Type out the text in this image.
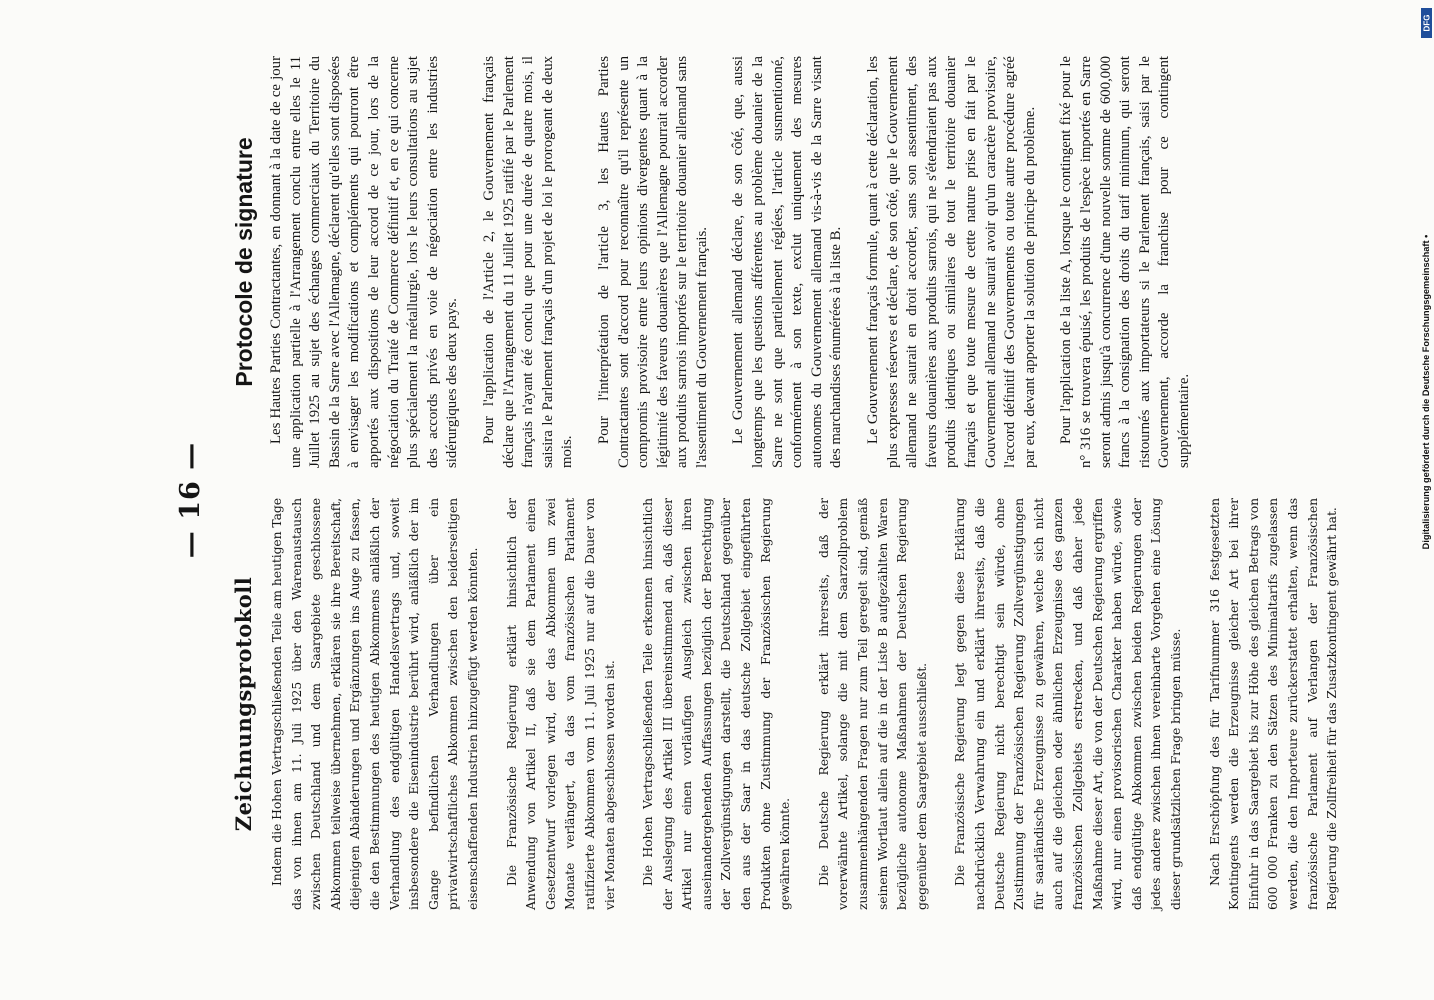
— 16 —
Zeichnungsprotokoll Indem die Hohen Vertragschließenden Teile am heutigen Tage das von ihnen am 11. Juli 1925 über den Warenaustausch zwischen Deutschland und dem Saargebiete geschlossene Abkommen teilweise übernehmen, erklären sie ihre Bereitschaft, diejenigen Abänderungen und Ergänzungen ins Auge zu fassen, die den Bestimmungen des heutigen Abkommens anläßlich der Verhandlung des endgültigen Handelsvertrags und, soweit insbesondere die Eisenindustrie berührt wird, anläßlich der im Gange befindlichen Verhandlungen über ein privatwirtschaftliches Abkommen zwischen den beiderseitigen eisenschaffenden Industrien hinzugefügt werden könnten. Die Französische Regierung erklärt hinsichtlich der Anwendung von Artikel II, daß sie dem Parlament einen Gesetzentwurf vorlegen wird, der das Abkommen um zwei Monate verlängert, da das vom französischen Parlament ratifizierte Abkommen vom 11. Juli 1925 nur auf die Dauer von vier Monaten abgeschlossen worden ist. Die Hohen Vertragschließenden Teile erkennen hinsichtlich der Auslegung des Artikel III übereinstimmend an, daß dieser Artikel nur einen vorläufigen Ausgleich zwischen ihren auseinandergehenden Auffassungen bezüglich der Berechtigung der Zollvergünstigungen darstellt, die Deutschland gegenüber den aus der Saar in das deutsche Zollgebiet eingeführten Produkten ohne Zustimmung der Französischen Regierung gewähren könnte. Die Deutsche Regierung erklärt ihrerseits, daß der vorerwähnte Artikel, solange die mit dem Saarzollproblem zusammenhängenden Fragen nur zum Teil geregelt sind, gemäß seinem Wortlaut allein auf die in der Liste B aufgezählten Waren bezügliche autonome Maßnahmen der Deutschen Regierung gegenüber dem Saargebiet ausschließt. Die Französische Regierung legt gegen diese Erklärung nachdrücklich Verwahrung ein und erklärt ihrerseits, daß die Deutsche Regierung nicht berechtigt sein würde, ohne Zustimmung der Französischen Regierung Zollvergünstigungen für saarländische Erzeugnisse zu gewähren, welche sich nicht auch auf die gleichen oder ähnlichen Erzeugnisse des ganzen französischen Zollgebiets erstrecken, und daß daher jede Maßnahme dieser Art, die von der Deutschen Regierung ergriffen wird, nur einen provisorischen Charakter haben würde, sowie daß endgültige Abkommen zwischen beiden Regierungen oder jedes andere zwischen ihnen vereinbarte Vorgehen eine Lösung dieser grundsätzlichen Frage bringen müsse. Nach Erschöpfung des für Tarifnummer 316 festgesetzten Kontingents werden die Erzeugnisse gleicher Art bei ihrer Einfuhr in das Saargebiet bis zur Höhe des gleichen Betrags von 600 000 Franken zu den Sätzen des Minimaltarifs zugelassen werden, die den Importeure zurückerstattet erhalten, wenn das französische Parlament auf Verlangen der Französischen Regierung die Zollfreiheit für das Zusatzkontingent gewährt hat.

Protocole de signature Les Hautes Parties Contractantes, en donnant à la date de ce jour une application partielle à l'Arrangement conclu entre elles le 11 Juillet 1925 au sujet des échanges commerciaux du Territoire du Bassin de la Sarre avec l'Allemagne, déclarent qu'elles sont disposées à envisager les modifications et compléments qui pourront être apportés aux dispositions de leur accord de ce jour, lors de la négociation du Traité de Commerce définitif et, en ce qui concerne plus spécialement la métallurgie, lors le leurs consultations au sujet des accords privés en voie de négociation entre les industries sidérurgiques des deux pays. Pour l'application de l'Article 2, le Gouvernement français déclare que l'Arrangement du 11 Juillet 1925 ratifié par le Parlement français n'ayant été conclu que pour une durée de quatre mois, il saisira le Parlement français d'un projet de loi le prorogeant de deux mois.

Pour l'interprétation de l'article 3, les Hautes Parties Contractantes sont d'accord pour reconnaître qu'il représente un compromis provisoire entre leurs opinions divergentes quant à la légitimité des faveurs douanières que l'Allemagne pourrait accorder aux produits sarrois importés sur le territoire douanier allemand sans l'assentiment du Gouvernement français. Le Gouvernement allemand déclare, de son côté, que, aussi longtemps que les questions afférentes au problème douanier de la Sarre ne sont que partiellement réglées, l'article susmentionné, conformément à son texte, exclut uniquement des mesures autonomes du Gouvernement allemand vis-à-vis de la Sarre visant des marchandises énumérées à la liste B. Le Gouvernement français formule, quant à cette déclaration, les plus expresses réserves et déclare, de son côté, que le Gouvernement allemand ne saurait en droit accorder, sans son assentiment, des faveurs douanières aux produits sarrois, qui ne s'étendraient pas aux produits identiques ou similaires de tout le territoire douanier français et que toute mesure de cette nature prise en fait par le Gouvernement allemand ne saurait avoir qu'un caractère provisoire, l'accord définitif des Gouvernements ou toute autre procédure agréé par eux, devant apporter la solution de principe du problème. Pour l'application de la liste A, lorsque le contingent fixé pour le n° 316 se trouvera épuisé, les produits de l'espèce importés en Sarre seront admis jusqu'à concurrence d'une nouvelle somme de 600,000 francs à la consignation des droits du tarif minimum, qui seront ristournés aux importateurs si le Parlement français, saisi par le Gouvernement, accorde la franchise pour ce contingent supplémentaire.

DFG
Digitalisierung gefördert durch die Deutsche Forschungsgemeinschaft •
